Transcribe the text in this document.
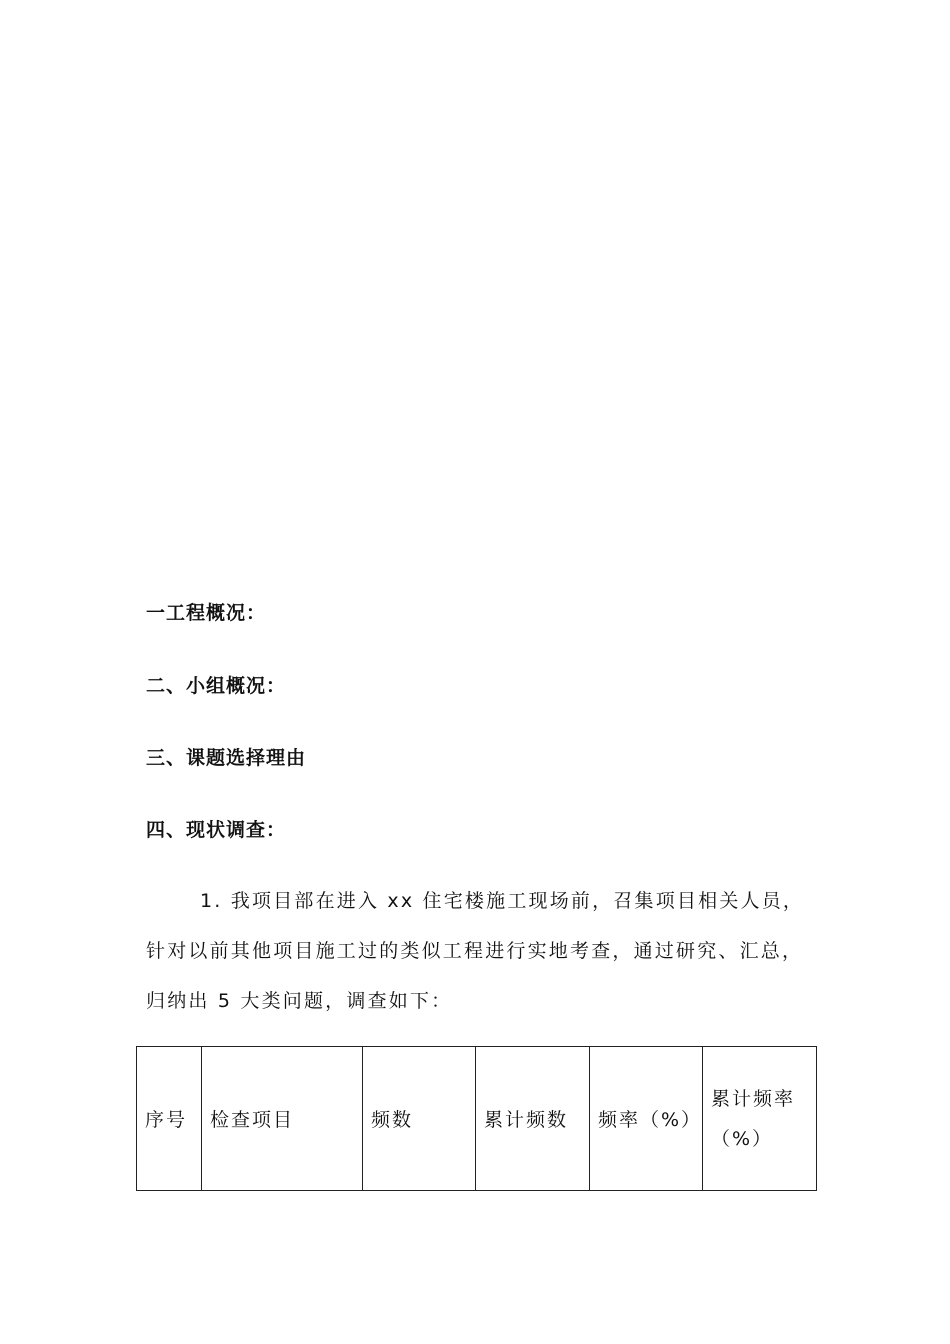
一工程概况：
二、小组概况：
三、课题选择理由
四、现状调查：
1. 我项目部在进入 xx 住宅楼施工现场前，召集项目相关人员，
针对以前其他项目施工过的类似工程进行实地考查，通过研究、汇总，
归纳出 5 大类问题，调查如下：
序号	检查项目	频数	累计频数	频率（%）	累计频率（%）
